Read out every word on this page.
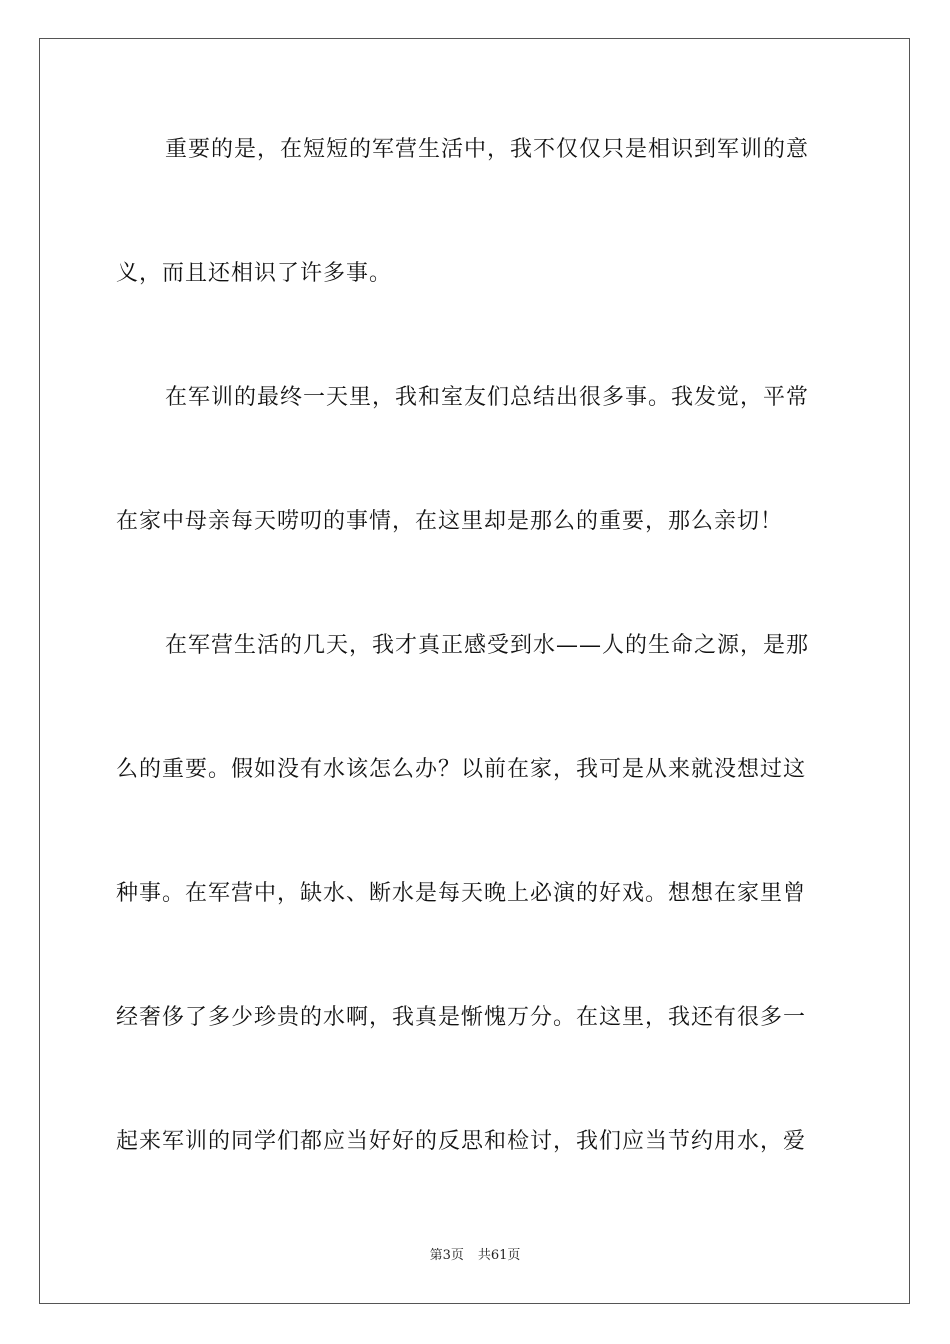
重要的是，在短短的军营生活中，我不仅仅只是相识到军训的意
义，而且还相识了许多事。
在军训的最终一天里，我和室友们总结出很多事。我发觉，平常
在家中母亲每天唠叨的事情，在这里却是那么的重要，那么亲切！
在军营生活的几天，我才真正感受到水——人的生命之源，是那
么的重要。假如没有水该怎么办？以前在家，我可是从来就没想过这
种事。在军营中，缺水、断水是每天晚上必演的好戏。想想在家里曾
经奢侈了多少珍贵的水啊，我真是惭愧万分。在这里，我还有很多一
起来军训的同学们都应当好好的反思和检讨，我们应当节约用水，爱
第3页 共61页
